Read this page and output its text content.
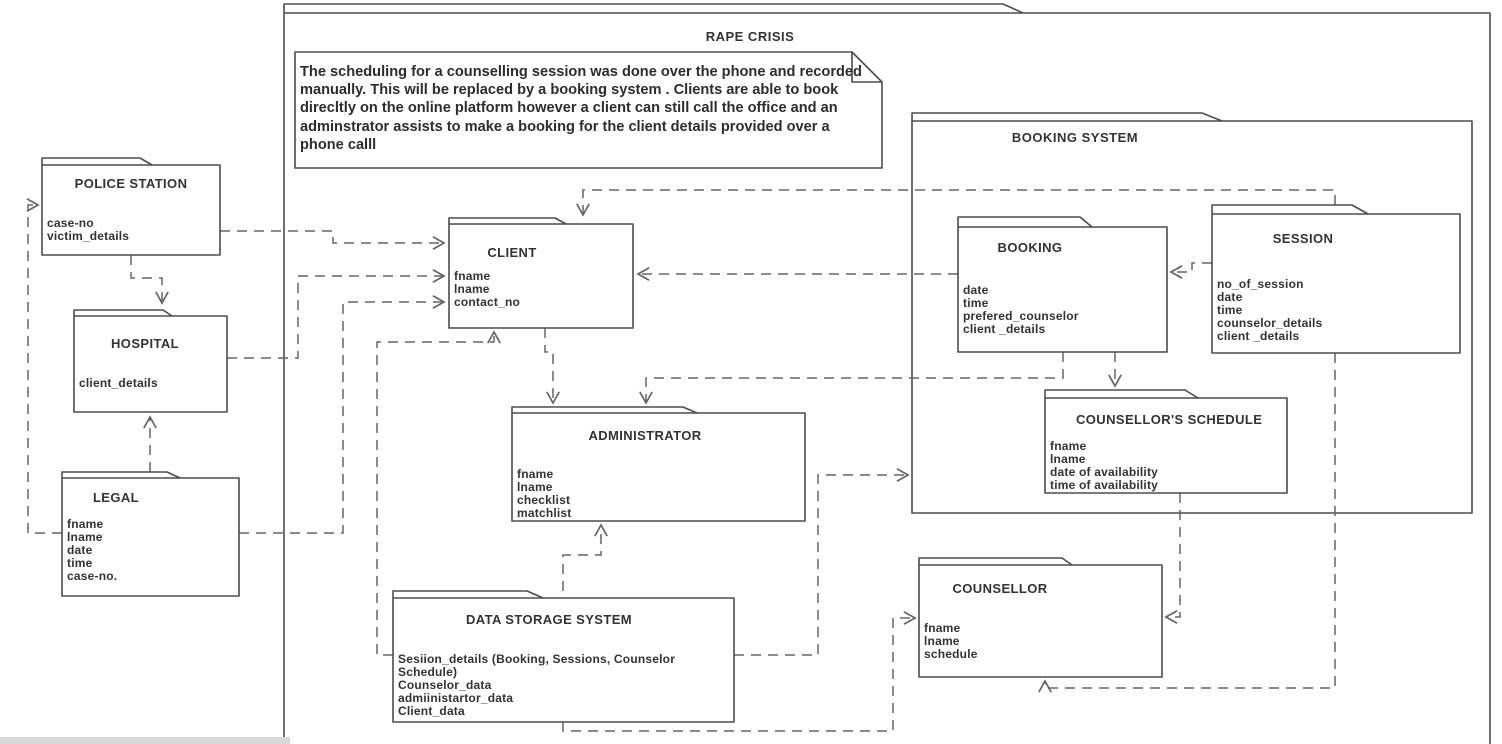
RAPE CRISIS
BOOKING SYSTEM
The scheduling for a counselling session was done over the phone and recorded manually. This will be replaced by a booking system . Clients are able to book direcltly on the online platform however a client can still call the office and an adminstrator assists to make a booking for the client details provided over a phone calll
POLICE STATION
case-no
victim_details
HOSPITAL
client_details
LEGAL
fname
lname
date
time
case-no.
CLIENT
fname
lname
contact_no
ADMINISTRATOR
fname
lname
checklist
matchlist
BOOKING
date
time
prefered_counselor
client _details
SESSION
no_of_session
date
time
counselor_details
client _details
COUNSELLOR'S SCHEDULE
fname
lname
date of availability
time of availability
COUNSELLOR
fname
lname
schedule
DATA STORAGE SYSTEM
Sesiion_details (Booking, Sessions, Counselor Schedule)
Counselor_data
admiinistartor_data
Client_data
